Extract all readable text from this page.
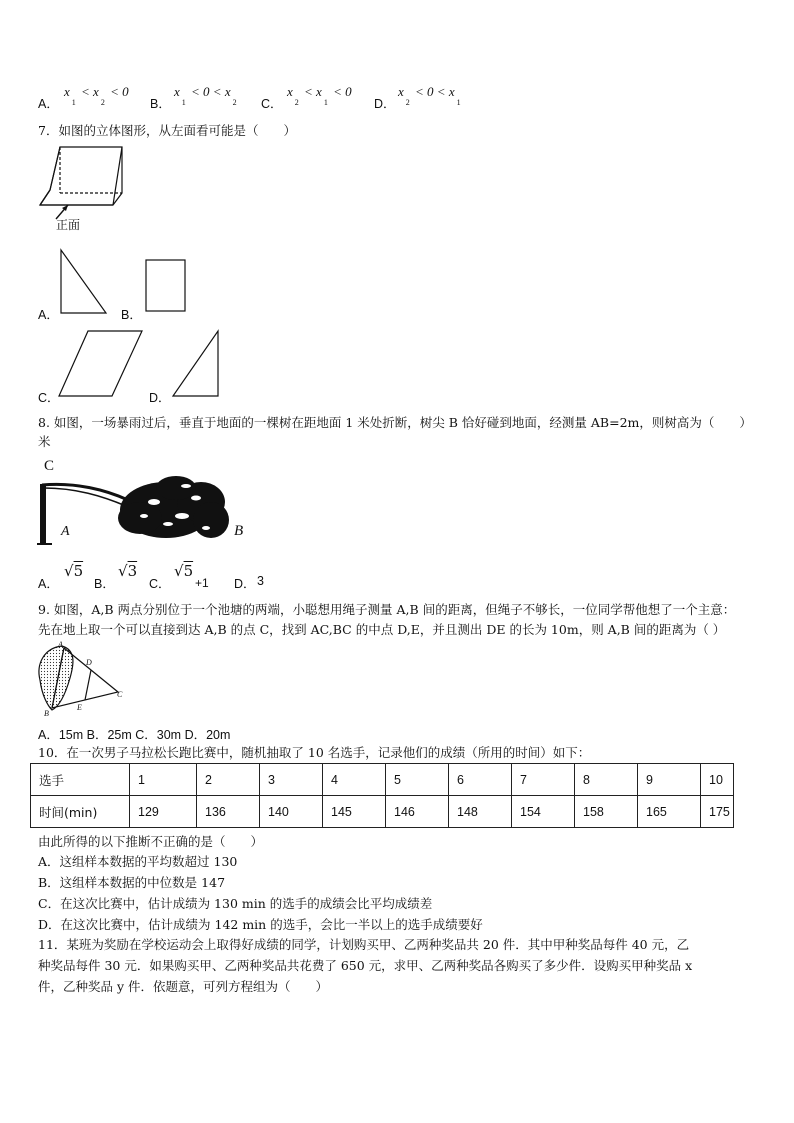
A．
$x_1 < x_2 < 0$
B．
$x_1 < 0 < x_2$ C．
$x_2 < x_1 < 0$
D．
$x_2 < 0 < x_1$
7．如图的立体图形，从左面看可能是（　　）
正面
A．	B．
C．	D．
8. 如图，一场暴雨过后，垂直于地面的一棵树在距地面 1 米处折断，树尖 B 恰好碰到地面，经测量 AB=2m，则树高为（　　）
米
C
A	B
A．
√5
B．
√3
C．
√5
+1 D． 3
9. 如图，A,B 两点分别位于一个池塘的两端，小聪想用绳子测量 A,B 间的距离，但绳子不够长，一位同学帮他想了一个主意：
先在地上取一个可以直接到达 A,B 的点 C，找到 AC,BC 的中点 D,E，并且测出 DE 的长为 10m，则 A,B 间的距离为（ ）
A
B
C
D
E
A．15m B．25m C．30m D．20m
10．在一次男子马拉松长跑比赛中，随机抽取了 10 名选手，记录他们的成绩（所用的时间）如下：
选手	1	2	3	4	5	6	7	8	9	10
时间(min)	129	136	140	145	146	148	154	158	165	175
由此所得的以下推断不正确的是（　　）
A．这组样本数据的平均数超过 130
B．这组样本数据的中位数是 147
C．在这次比赛中，估计成绩为 130 min 的选手的成绩会比平均成绩差
D．在这次比赛中，估计成绩为 142 min 的选手，会比一半以上的选手成绩要好
11．某班为奖励在学校运动会上取得好成绩的同学，计划购买甲、乙两种奖品共 20 件．其中甲种奖品每件 40 元，乙
种奖品每件 30 元．如果购买甲、乙两种奖品共花费了 650 元，求甲、乙两种奖品各购买了多少件．设购买甲种奖品 x
件，乙种奖品 y 件．依题意，可列方程组为（　　）
